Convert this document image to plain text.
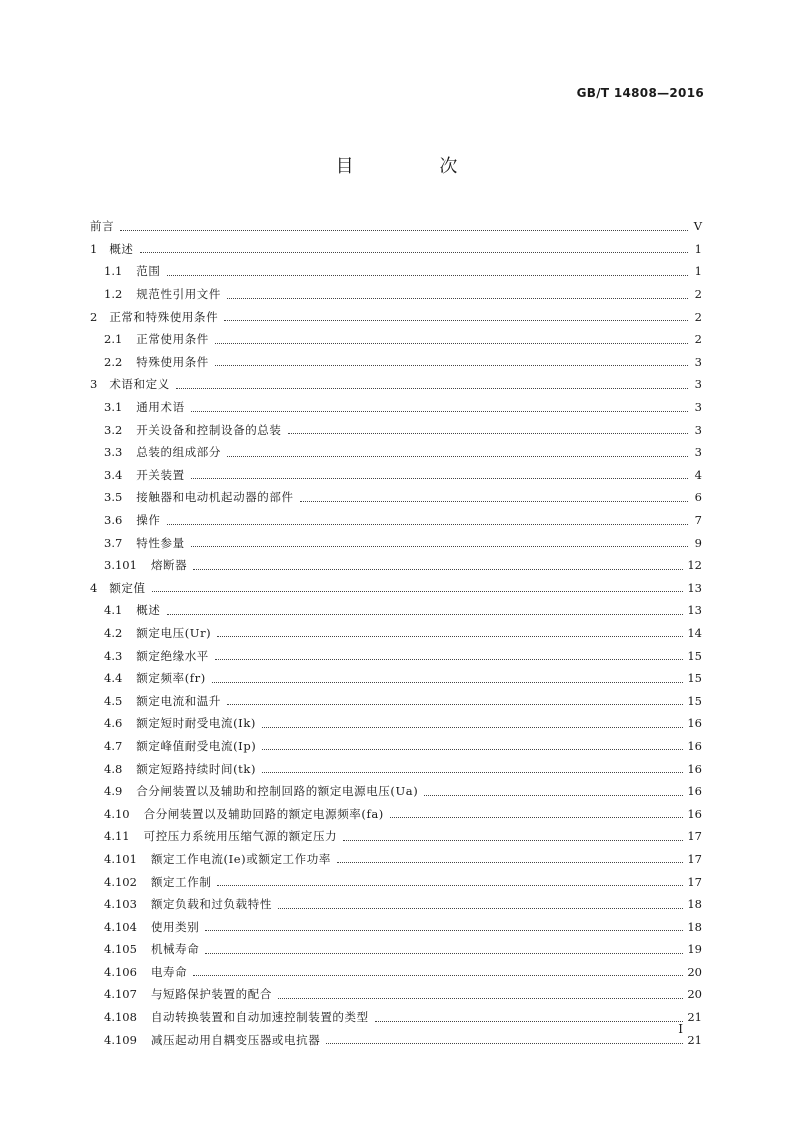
GB/T 14808—2016
目 次
前言	Ⅴ
1 概述	1
1.1 范围	1
1.2 规范性引用文件	2
2 正常和特殊使用条件	2
2.1 正常使用条件	2
2.2 特殊使用条件	3
3 术语和定义	3
3.1 通用术语	3
3.2 开关设备和控制设备的总装	3
3.3 总装的组成部分	3
3.4 开关装置	4
3.5 接触器和电动机起动器的部件	6
3.6 操作	7
3.7 特性参量	9
3.101 熔断器	12
4 额定值	13
4.1 概述	13
4.2 额定电压(Ur)	14
4.3 额定绝缘水平	15
4.4 额定频率(fr)	15
4.5 额定电流和温升	15
4.6 额定短时耐受电流(Ik)	16
4.7 额定峰值耐受电流(Ip)	16
4.8 额定短路持续时间(tk)	16
4.9 合分闸装置以及辅助和控制回路的额定电源电压(Ua)	16
4.10 合分闸装置以及辅助回路的额定电源频率(fa)	16
4.11 可控压力系统用压缩气源的额定压力	17
4.101 额定工作电流(Ie)或额定工作功率	17
4.102 额定工作制	17
4.103 额定负载和过负载特性	18
4.104 使用类别	18
4.105 机械寿命	19
4.106 电寿命	20
4.107 与短路保护装置的配合	20
4.108 自动转换装置和自动加速控制装置的类型	21
4.109 减压起动用自耦变压器或电抗器	21
Ⅰ
